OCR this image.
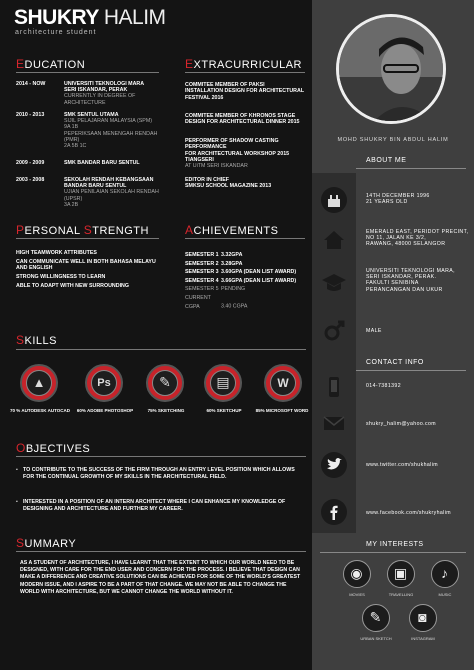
SHUKRY HALIM
architecture student
EDUCATION
2014 - NOW	UNIVERSITI TEKNOLOGI MARA
SERI ISKANDAR, PERAK
CURRENTLY IN DEGREE OF ARCHITECTURE
2010 - 2013	SMK SENTUL UTAMA
SIJIL PELAJARAN MALAYSIA (SPM)
9A 1B
PEPERIKSAAN MENENGAH RENDAH (PMR)
2A 5B 1C
2009 - 2009	SMK BANDAR BARU SENTUL
2003 - 2008	SEKOLAH RENDAH KEBANGSAAN
BANDAR BARU SENTUL
UJIAN PENILAIAN SEKOLAH RENDAH (UPSR)
3A 2B
EXTRACURRICULAR
COMMITEE MEMBER OF PAKSI
INSTALLATION DESIGN FOR ARCHITECTURAL
FESTIVAL 2016
COMMITEE MEMBER OF KHRONOS STAGE
DESIGN FOR ARCHITECTURAL DINNER 2015
PERFORMER OF SHADOW CASTING PERFORMANCE
FOR ARCHITECTURAL WORKSHOP 2015
TIANGSERI
AT UiTM SERI ISKANDAR
EDITOR IN CHIEF
SMKSU SCHOOL MAGAZINE 2013
PERSONAL STRENGTH
HIGH TEAMWORK ATTRIBUTES
CAN COMMUNICATE WELL IN BOTH BAHASA MELAYU AND ENGLISH
STRONG WILLINGNESS TO LEARN
ABLE TO ADAPT WITH NEW SURROUNDING
ACHIEVEMENTS
SEMESTER 1 3.32GPA
SEMESTER 2 3.28GPA
SEMESTER 3 3.60GPA (DEAN LIST AWARD)
SEMESTER 4 3.66GPA (DEAN LIST AWARD)
SEMESTER 5 PENDING
CURRENT CGPA	3.40 CGPA
SKILLS
▲	Ps	✎	▤	W
70 % AUTODESK AUTOCAD	60% ADOBE PHOTOSHOP	75% SKETCHING	60% SKETCHUP	85% MICROSOFT WORD
OBJECTIVES
▪ TO CONTRIBUTE TO THE SUCCESS OF THE FIRM THROUGH AN ENTRY LEVEL POSITION WHICH ALLOWS FOR THE CONTINUAL GROWTH OF MY SKILLS IN THE ARCHITECTURAL FIELD.
▪ INTERESTED IN A POSITION OF AN INTERN ARCHITECT WHERE I CAN ENHANCE MY KNOWLEDGE OF DESIGNING AND ARCHITECTURE AND FURTHER MY CAREER.
SUMMARY
AS A STUDENT OF ARCHITECTURE, I HAVE LEARNT THAT THE EXTENT TO WHICH OUR WORLD NEED TO BE DESIGNED, WITH CARE FOR THE END USER AND CONCERN FOR THE PROCESS. I BELIEVE THAT DESIGN CAN MAKE A DIFFERENCE AND CREATIVE SOLUTIONS CAN BE ACHIEVED FOR SOME OF THE WORLD'S GREATEST MODERN ISSUE, AND I ASPIRE TO BE A PART OF THAT CHANGE. WE MAY NOT BE ABLE TO CHANGE THE WORLD WITH ARCHITECTURE, BUT WE CANNOT CHANGE THE WORLD WITHOUT IT.
MOHD SHUKRY BIN ABDUL HALIM
ABOUT ME
14TH DECEMBER 1996
21 YEARS OLD
EMERALD EAST, PERIDOT PRECINT,
NO 11, JALAN KE 3/2,
RAWANG, 48000 SELANGOR
UNIVERSITI TEKNOLOGI MARA,
SERI ISKANDAR, PERAK.
FAKULTI SENIBINA
PERANCANGAN DAN UKUR
MALE
CONTACT INFO
014-7381392
shukry_halim@yahoo.com
www.twitter.com/shukhalim
www.facebook.com/shukryhalim
MY INTERESTS
◉	▣	♪
MOVIES	TRAVELLING	MUSIC
✎	◙
URBAN SKETCH	INSTAGRAM
